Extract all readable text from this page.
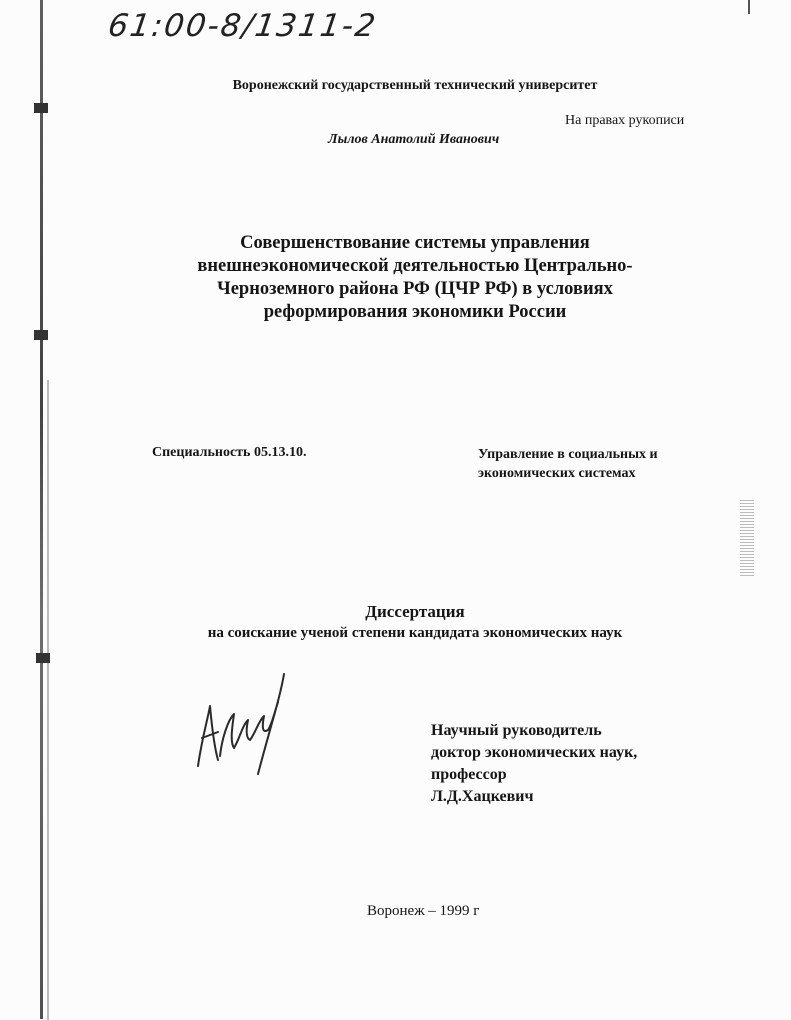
61:00-8/1311-2
Воронежский государственный технический университет
На правах рукописи
Лылов Анатолий Иванович
Совершенствование системы управления
внешнеэкономической деятельностью Центрально-
Черноземного района РФ (ЦЧР РФ) в условиях
реформирования экономики России
Специальность 05.13.10.	Управление в социальных и
экономических системах
Диссертация
на соискание ученой степени кандидата экономических наук
Научный руководитель
доктор экономических наук,
профессор
Л.Д.Хацкевич
Воронеж – 1999 г
